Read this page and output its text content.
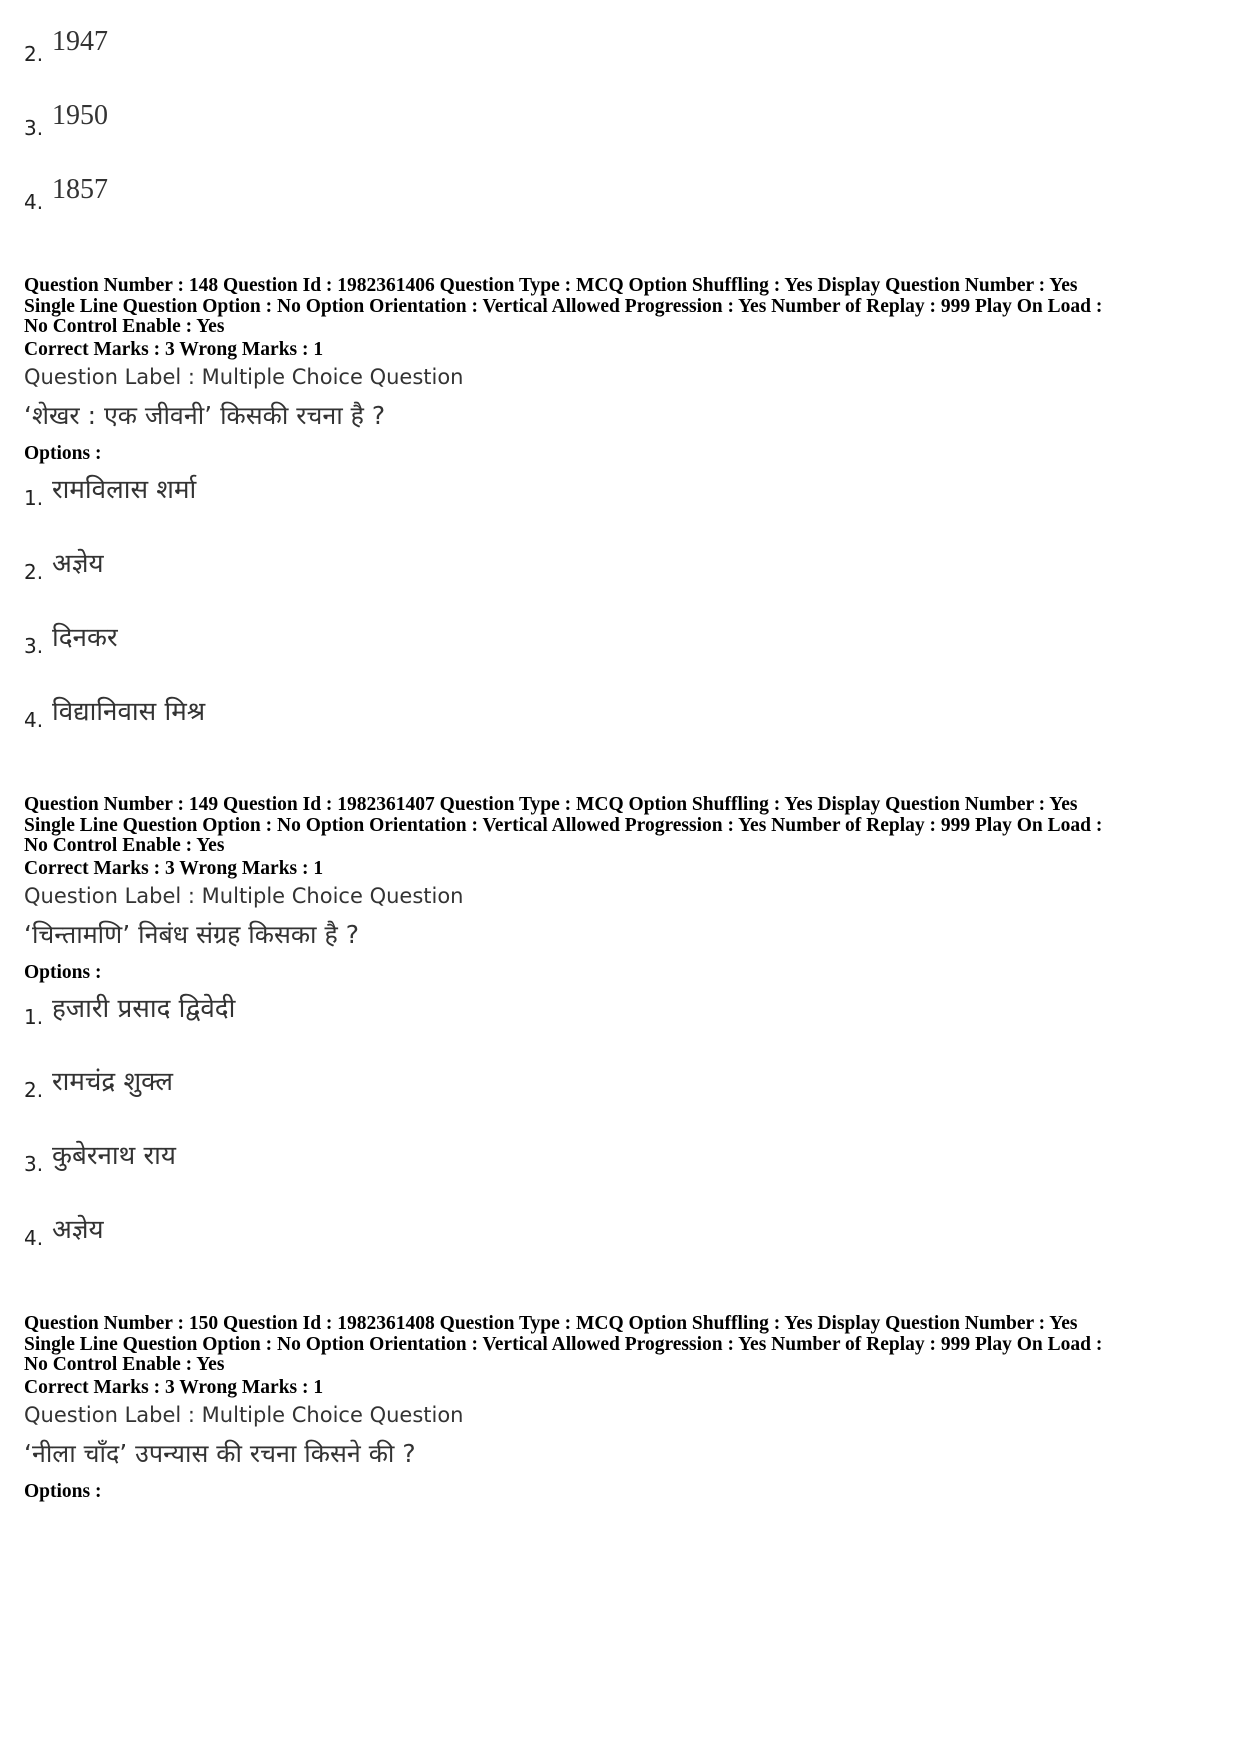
2. 1947
3. 1950
4. 1857
Question Number : 148 Question Id : 1982361406 Question Type : MCQ Option Shuffling : Yes Display Question Number : Yes
Single Line Question Option : No Option Orientation : Vertical Allowed Progression : Yes Number of Replay : 999 Play On Load :
No Control Enable : Yes
Correct Marks : 3 Wrong Marks : 1
Question Label : Multiple Choice Question
‘शेखर : एक जीवनी’ किसकी रचना है ?
Options :
1. रामविलास शर्मा
2. अज्ञेय
3. दिनकर
4. विद्यानिवास मिश्र
Question Number : 149 Question Id : 1982361407 Question Type : MCQ Option Shuffling : Yes Display Question Number : Yes
Single Line Question Option : No Option Orientation : Vertical Allowed Progression : Yes Number of Replay : 999 Play On Load :
No Control Enable : Yes
Correct Marks : 3 Wrong Marks : 1
Question Label : Multiple Choice Question
‘चिन्तामणि’ निबंध संग्रह किसका है ?
Options :
1. हजारी प्रसाद द्विवेदी
2. रामचंद्र शुक्ल
3. कुबेरनाथ राय
4. अज्ञेय
Question Number : 150 Question Id : 1982361408 Question Type : MCQ Option Shuffling : Yes Display Question Number : Yes
Single Line Question Option : No Option Orientation : Vertical Allowed Progression : Yes Number of Replay : 999 Play On Load :
No Control Enable : Yes
Correct Marks : 3 Wrong Marks : 1
Question Label : Multiple Choice Question
‘नीला चाँद’ उपन्यास की रचना किसने की ?
Options :
